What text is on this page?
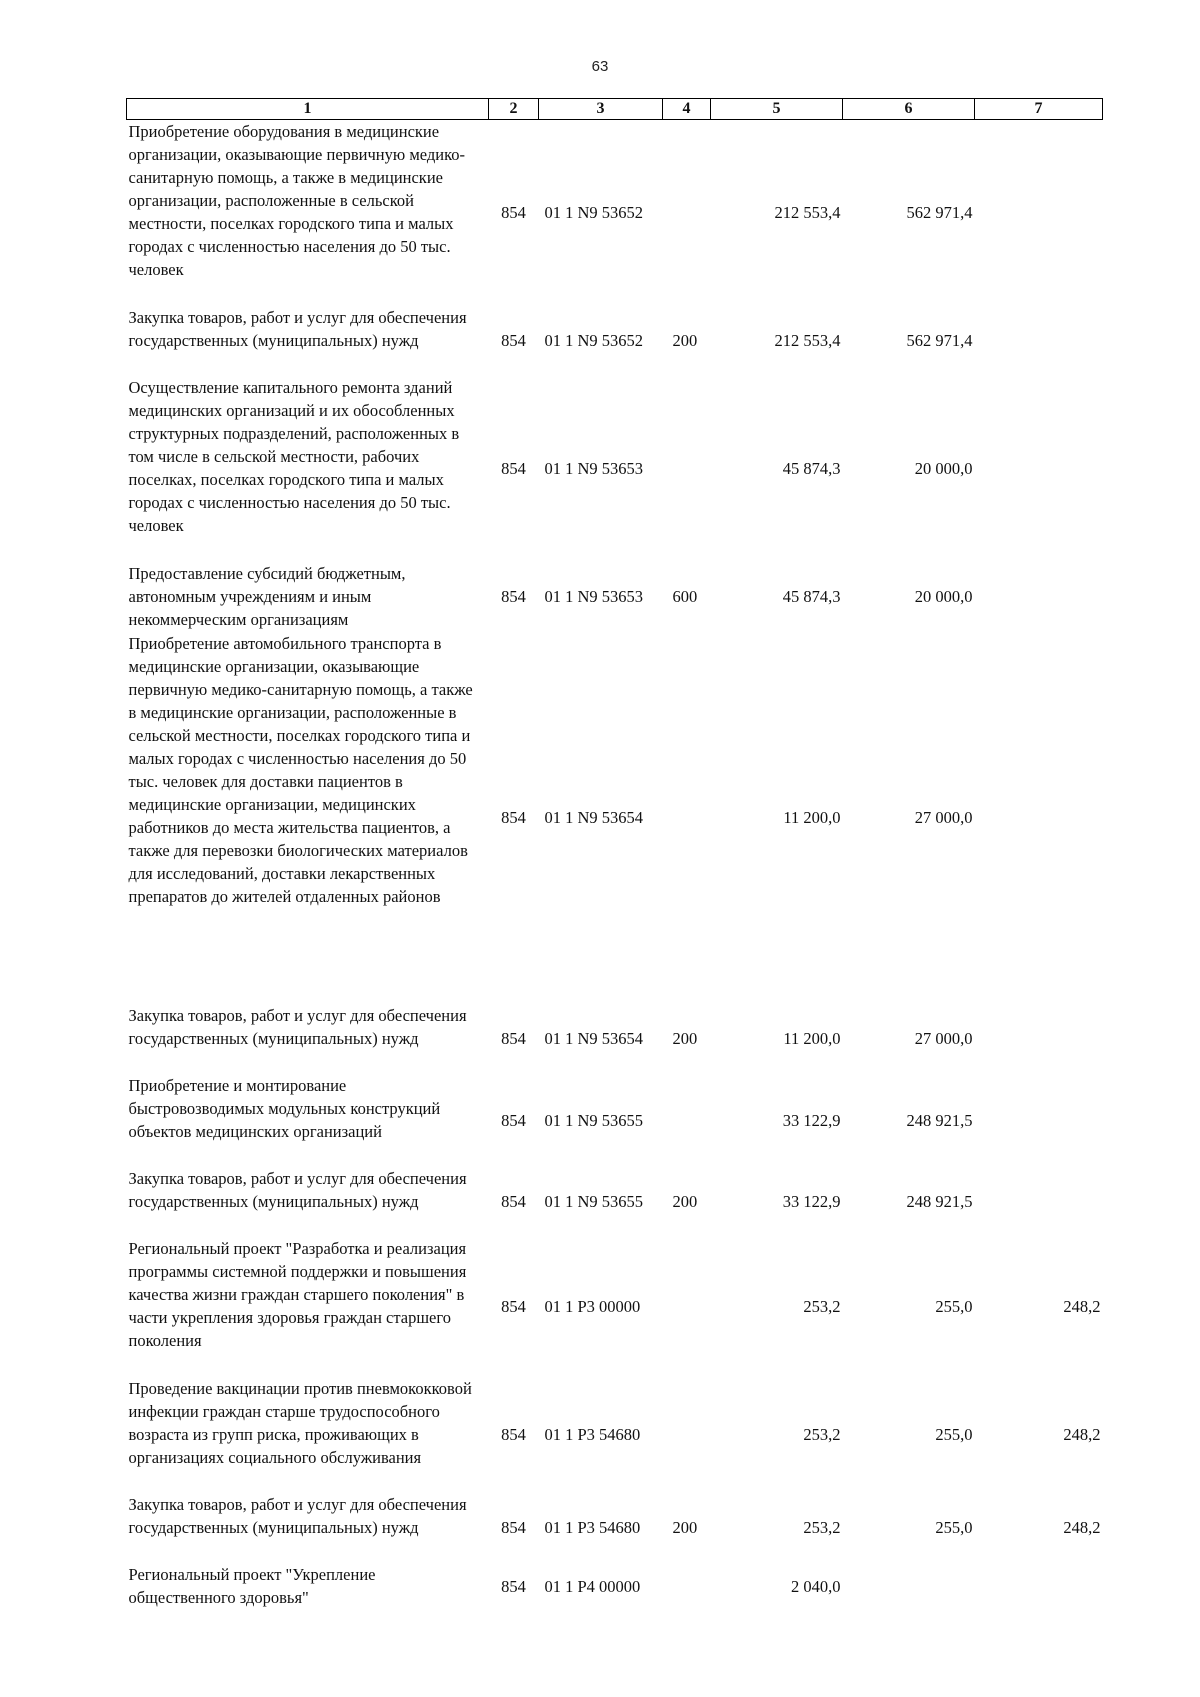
63
1	2	3	4	5	6	7
Приобретение оборудования в медицинские организации, оказывающие первичную медико-санитарную помощь, а также в медицинские организации, расположенные в сельской местности, поселках городского типа и малых городах с численностью населения до 50 тыс. человек	854	01 1 N9 53652		212 553,4	562 971,4	
Закупка товаров, работ и услуг для обеспечения государственных (муниципальных) нужд	854	01 1 N9 53652	200	212 553,4	562 971,4	
Осуществление капитального ремонта зданий медицинских организаций и их обособленных структурных подразделений, расположенных в том числе в сельской местности, рабочих поселках, поселках городского типа и малых городах с численностью населения до 50 тыс. человек	854	01 1 N9 53653		45 874,3	20 000,0	
Предоставление субсидий бюджетным, автономным учреждениям и иным некоммерческим организациям	854	01 1 N9 53653	600	45 874,3	20 000,0	
Приобретение автомобильного транспорта в медицинские организации, оказывающие первичную медико-санитарную помощь, а также в медицинские организации, расположенные в сельской местности, поселках городского типа и малых городах с численностью населения до 50 тыс. человек для доставки пациентов в медицинские организации, медицинских работников до места жительства пациентов, а также для перевозки биологических материалов для исследований, доставки лекарственных препаратов до жителей отдаленных районов	854	01 1 N9 53654		11 200,0	27 000,0	
Закупка товаров, работ и услуг для обеспечения государственных (муниципальных) нужд	854	01 1 N9 53654	200	11 200,0	27 000,0	
Приобретение и монтирование быстровозводимых модульных конструкций объектов медицинских организаций	854	01 1 N9 53655		33 122,9	248 921,5	
Закупка товаров, работ и услуг для обеспечения государственных (муниципальных) нужд	854	01 1 N9 53655	200	33 122,9	248 921,5	
Региональный проект "Разработка и реализация программы системной поддержки и повышения качества жизни граждан старшего поколения" в части укрепления здоровья граждан старшего поколения	854	01 1 P3 00000		253,2	255,0	248,2
Проведение вакцинации против пневмококковой инфекции граждан старше трудоспособного возраста из групп риска, проживающих в организациях социального обслуживания	854	01 1 P3 54680		253,2	255,0	248,2
Закупка товаров, работ и услуг для обеспечения государственных (муниципальных) нужд	854	01 1 P3 54680	200	253,2	255,0	248,2
Региональный проект "Укрепление общественного здоровья"	854	01 1 P4 00000		2 040,0		
